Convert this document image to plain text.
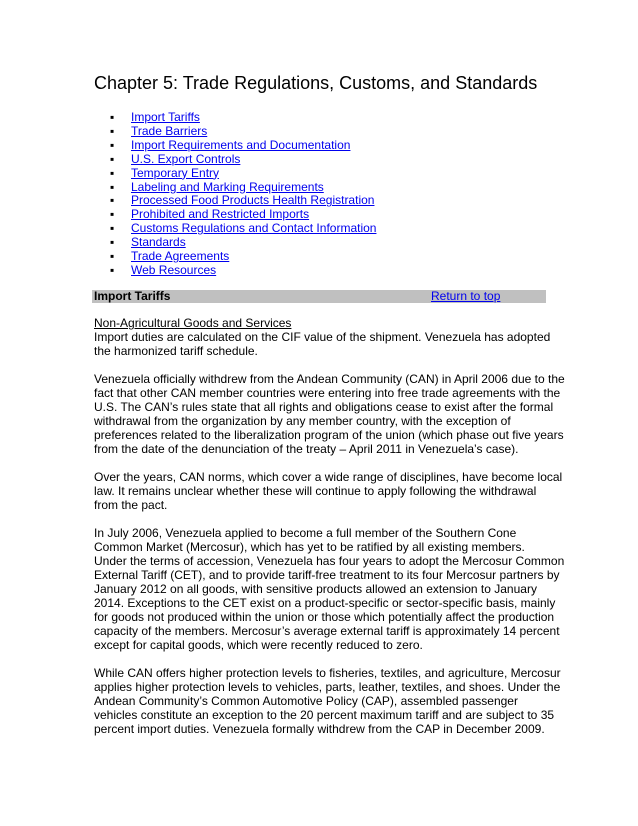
Chapter 5: Trade Regulations, Customs, and Standards
▪ Import Tariffs
▪ Trade Barriers
▪ Import Requirements and Documentation
▪ U.S. Export Controls
▪ Temporary Entry
▪ Labeling and Marking Requirements
▪ Processed Food Products Health Registration
▪ Prohibited and Restricted Imports
▪ Customs Regulations and Contact Information
▪ Standards
▪ Trade Agreements
▪ Web Resources
Import Tariffs	Return to top
Non-Agricultural Goods and Services
Import duties are calculated on the CIF value of the shipment. Venezuela has adopted
the harmonized tariff schedule.
Venezuela officially withdrew from the Andean Community (CAN) in April 2006 due to the
fact that other CAN member countries were entering into free trade agreements with the
U.S. The CAN’s rules state that all rights and obligations cease to exist after the formal
withdrawal from the organization by any member country, with the exception of
preferences related to the liberalization program of the union (which phase out five years
from the date of the denunciation of the treaty – April 2011 in Venezuela’s case).
Over the years, CAN norms, which cover a wide range of disciplines, have become local
law. It remains unclear whether these will continue to apply following the withdrawal
from the pact.
In July 2006, Venezuela applied to become a full member of the Southern Cone
Common Market (Mercosur), which has yet to be ratified by all existing members.
Under the terms of accession, Venezuela has four years to adopt the Mercosur Common
External Tariff (CET), and to provide tariff-free treatment to its four Mercosur partners by
January 2012 on all goods, with sensitive products allowed an extension to January
2014. Exceptions to the CET exist on a product-specific or sector-specific basis, mainly
for goods not produced within the union or those which potentially affect the production
capacity of the members. Mercosur’s average external tariff is approximately 14 percent
except for capital goods, which were recently reduced to zero.
While CAN offers higher protection levels to fisheries, textiles, and agriculture, Mercosur
applies higher protection levels to vehicles, parts, leather, textiles, and shoes. Under the
Andean Community’s Common Automotive Policy (CAP), assembled passenger
vehicles constitute an exception to the 20 percent maximum tariff and are subject to 35
percent import duties. Venezuela formally withdrew from the CAP in December 2009.
